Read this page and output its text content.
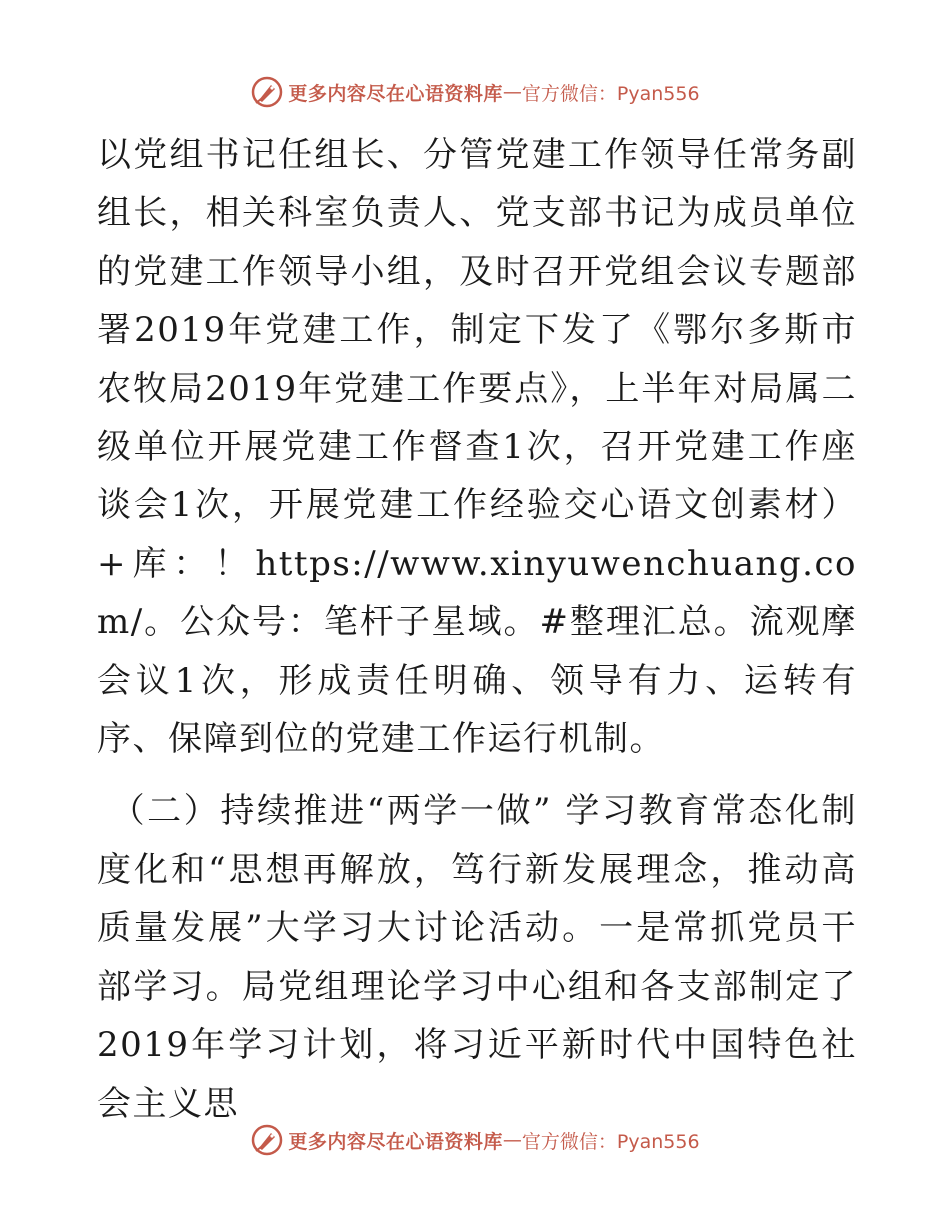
更多内容尽在心语资料库 — 官方微信：Pyan556

以党组书记任组长、分管党建工作领导任常务副组长，相关科室负责人、党支部书记为成员单位的党建工作领导小组，及时召开党组会议专题部署2019年党建工作，制定下发了《鄂尔多斯市农牧局2019年党建工作要点》，上半年对局属二级单位开展党建工作督查1次，召开党建工作座谈会1次，开展党建工作经验交心语文创素材）+库：！https://www.xinyuwenchuang.com/。公众号：笔杆子星域。#整理汇总。流观摩会议1次，形成责任明确、领导有力、运转有序、保障到位的党建工作运行机制。

（二）持续推进“两学一做” 学习教育常态化制度化和“思想再解放，笃行新发展理念，推动高质量发展”大学习大讨论活动。一是常抓党员干部学习。局党组理论学习中心组和各支部制定了2019年学习计划，将习近平新时代中国特色社会主义思

更多内容尽在心语资料库 — 官方微信：Pyan556
